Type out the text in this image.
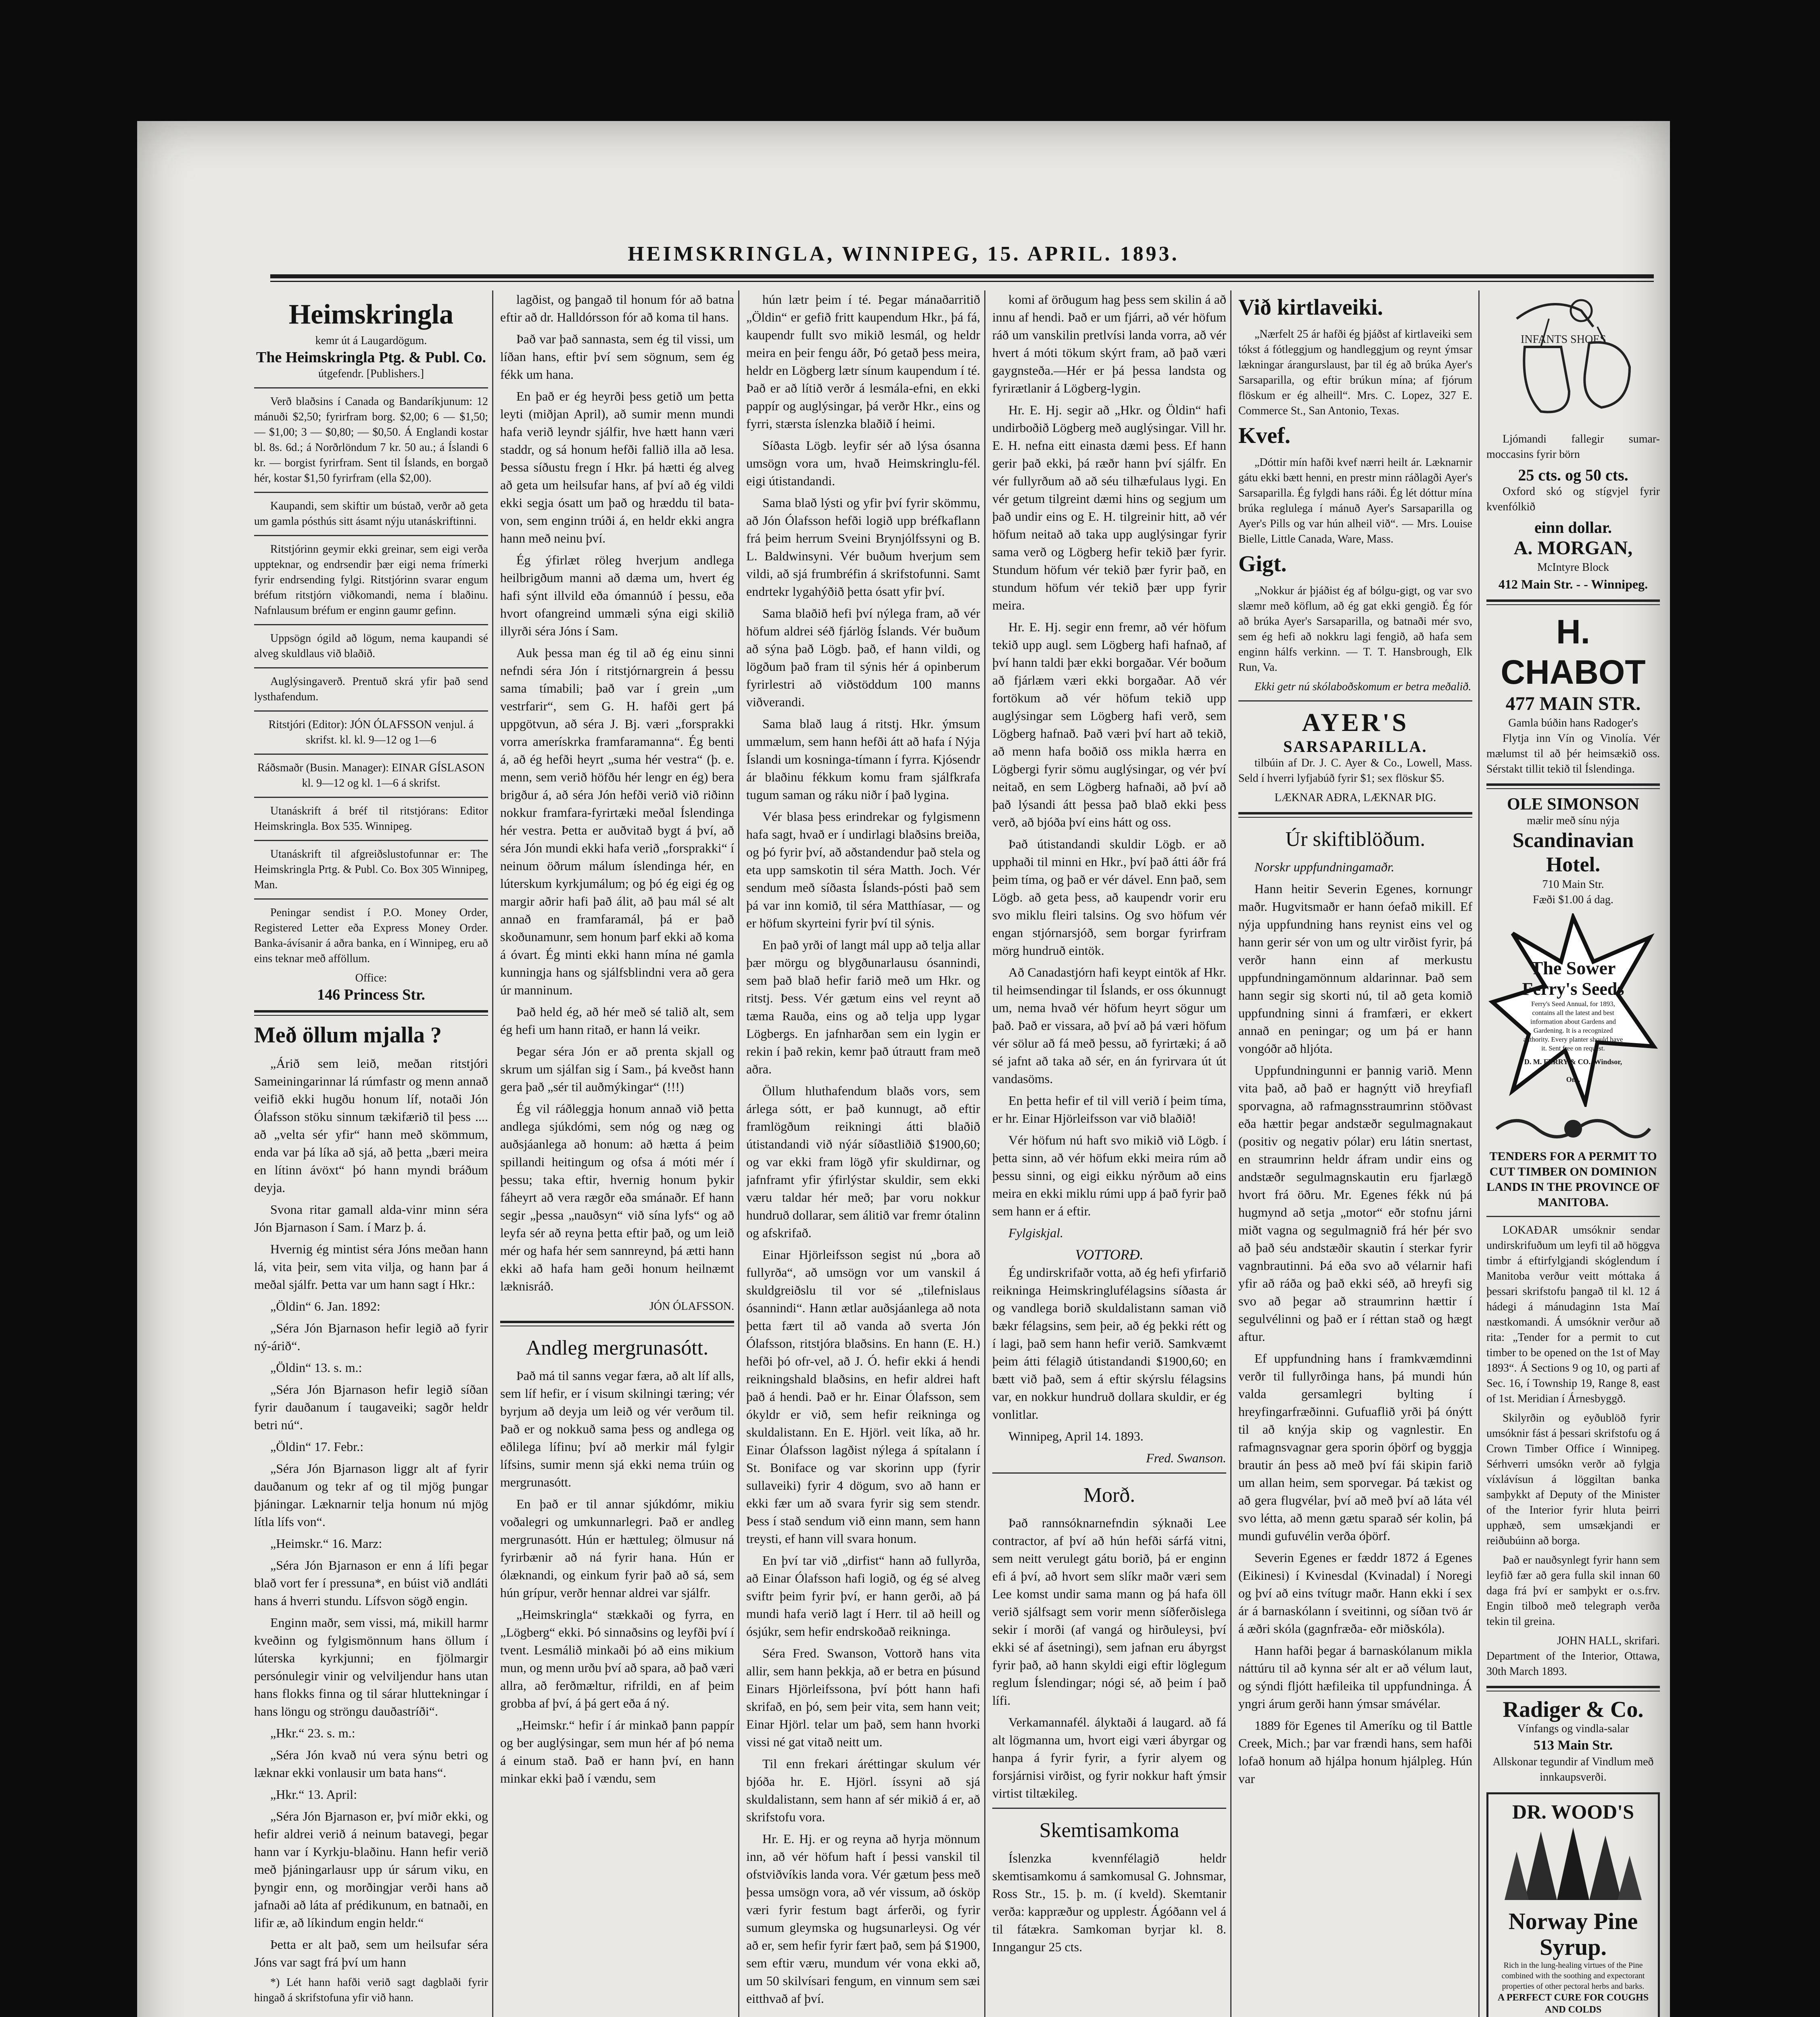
HEIMSKRINGLA, WINNIPEG, 15. APRIL. 1893.
Heimskringla
kemr út á Laugardögum.
The Heimskringla Ptg. & Publ. Co.
útgefendr. [Publishers.]

Verð blaðsins í Canada og Bandaríkjunum: 12 mánuði $2,50; fyrirfram borg. $2,00; 6 — $1,50; — $1,00; 3 — $0,80; — $0,50. Á Englandi kostar bl. 8s. 6d.; á Norðrlöndum 7 kr. 50 au.; á Íslandi 6 kr. — borgist fyrirfram. Sent til Íslands, en borgað hér, kostar $1,50 fyrirfram (ella $2,00).

Kaupandi, sem skiftir um bústað, verðr að geta um gamla pósthús sitt ásamt nýju utanáskriftinni.

Ritstjórinn geymir ekki greinar, sem eigi verða uppteknar, og endrsendir þær eigi nema frímerki fyrir endrsending fylgi. Ritstjórinn svarar engum bréfum ritstjórn viðkomandi, nema í blaðinu. Nafnlausum bréfum er enginn gaumr gefinn.

Uppsögn ógild að lögum, nema kaupandi sé alveg skuldlaus við blaðið.

Auglýsingaverð. Prentuð skrá yfir það send lysthafendum.

Ritstjóri (Editor): JÓN ÓLAFSSON venjul. á skrifst. kl. kl. 9—12 og 1—6

Ráðsmaðr (Busin. Manager): EINAR GÍSLASON kl. 9—12 og kl. 1—6 á skrifst.

Utanáskrift á bréf til ritstjórans: Editor Heimskringla. Box 535. Winnipeg.

Utanáskrift til afgreiðslustofunnar er: The Heimskringla Prtg. & Publ. Co. Box 305 Winnipeg, Man.

Peningar sendist í P.O. Money Order, Registered Letter eða Express Money Order. Banka-ávísanir á aðra banka, en í Winnipeg, eru að eins teknar með afföllum.

Office:
146 Princess Str.
Með öllum mjalla ?

„Árið sem leið, meðan ritstjóri Sameiningarinnar lá rúmfastr og menn annað veifið ekki hugðu honum líf, notaði Jón Ólafsson stöku sinnum tækifærið til þess .... að „velta sér yfir“ hann með skömmum, enda var þá líka að sjá, að þetta „bæri meira en lítinn ávöxt“ þó hann myndi bráðum deyja.

Svona ritar gamall alda-vinr minn séra Jón Bjarnason í Sam. í Marz þ. á.

Hvernig ég mintist séra Jóns meðan hann lá, vita þeir, sem vita vilja, og hann þar á meðal sjálfr. Þetta var um hann sagt í Hkr.:

„Öldin“ 6. Jan. 1892:

„Séra Jón Bjarnason hefir legið að fyrir ný-árið“.

„Öldin“ 13. s. m.:

„Séra Jón Bjarnason hefir legið síðan fyrir dauðanum í taugaveiki; sagðr heldr betri nú“.

„Öldin“ 17. Febr.:

„Séra Jón Bjarnason liggr alt af fyrir dauðanum og tekr af og til mjög þungar þjáningar. Læknarnir telja honum nú mjög lítla lífs von“.

„Heimskr.“ 16. Marz:

„Séra Jón Bjarnason er enn á lífi þegar blað vort fer í pressuna*, en búist við andláti hans á hverri stundu. Lífsvon sögð engin.

Enginn maðr, sem vissi, má, mikill harmr kveðinn og fylgismönnum hans öllum í lúterska kyrkjunni; en fjölmargir persónulegir vinir og velviljendur hans utan hans flokks finna og til sárar hluttekningar í hans löngu og ströngu dauðastríði“.

„Hkr.“ 23. s. m.:

„Séra Jón kvað nú vera sýnu betri og læknar ekki vonlausir um bata hans“.

„Hkr.“ 13. April:

„Séra Jón Bjarnason er, því miðr ekki, og hefir aldrei verið á neinum batavegi, þegar hann var í Kyrkju-blaðinu. Hann hefir verið með þjáningarlausr upp úr sárum viku, en þyngir enn, og morðingjar verði hans að jafnaði að láta af prédikunum, en batnaði, en lifir æ, að líkindum engin heldr.“

Þetta er alt það, sem um heilsufar séra Jóns var sagt frá því um hann

*) Lét hann hafði verið sagt dagblaði fyrir hingað á skrifstofuna yfir við hann.

lagðist, og þangað til honum fór að batna eftir að dr. Halldórsson fór að koma til hans.

Það var það sannasta, sem ég til vissi, um líðan hans, eftir því sem sögnum, sem ég fékk um hana.

En það er ég heyrði þess getið um þetta leyti (miðjan April), að sumir menn mundi hafa verið leyndr sjálfir, hve hætt hann væri staddr, og sá honum hefði fallið illa að lesa. Þessa síðustu fregn í Hkr. þá hætti ég alveg að geta um heilsufar hans, af því að ég vildi ekki segja ósatt um það og hræddu til bata-von, sem enginn trúði á, en heldr ekki angra hann með neinu því.

Ég ýfirlæt röleg hverjum andlega heilbrigðum manni að dæma um, hvert ég hafi sýnt illvild eða ómannúð í þessu, eða hvort ofangreind ummæli sýna eigi skilið illyrði séra Jóns í Sam.

Auk þessa man ég til að ég einu sinni nefndi séra Jón í ritstjórnargrein á þessu sama tímabili; það var í grein „um vestrfarir“, sem G. H. hafði gert þá uppgötvun, að séra J. Bj. væri „forsprakki vorra amerískrka framfaramanna“. Ég benti á, að ég hefði heyrt „suma hér vestra“ (þ. e. menn, sem verið höfðu hér lengr en ég) bera brigður á, að séra Jón hefði verið við riðinn nokkur framfara-fyrirtæki meðal Íslendinga hér vestra. Þetta er auðvitað bygt á því, að séra Jón mundi ekki hafa verið „forsprakki“ í neinum öðrum málum íslendinga hér, en lúterskum kyrkjumálum; og þó ég eigi ég og margir aðrir hafi það álit, að þau mál sé alt annað en framfaramál, þá er það skoðunamunr, sem honum þarf ekki að koma á óvart. Ég minti ekki hann mína né gamla kunningja hans og sjálfsblindni vera að gera úr manninum.

Það held ég, að hér með sé talið alt, sem ég hefi um hann ritað, er hann lá veikr.

Þegar séra Jón er að prenta skjall og skrum um sjálfan sig í Sam., þá kveðst hann gera það „sér til auðmýkingar“ (!!!)

Ég vil ráðleggja honum annað við þetta andlega sjúkdómi, sem nóg og næg og auðsjáanlega að honum: að hætta á þeim spillandi heitingum og ofsa á móti mér í þessu; taka eftir, hvernig honum þykir fáheyrt að vera rægðr eða smánaðr. Ef hann segir „þessa „nauðsyn“ við sína lyfs“ og að leyfa sér að reyna þetta eftir það, og um leið mér og hafa hér sem sannreynd, þá ætti hann ekki að hafa ham geði honum heilnæmt læknisráð.

JÓN ÓLAFSSON.
Andleg mergrunasótt.

Það má til sanns vegar færa, að alt líf alls, sem líf hefir, er í visum skilningi tæring; vér byrjum að deyja um leið og vér verðum til. Það er og nokkuð sama þess og andlega og eðlilega lífinu; því að merkir mál fylgir lífsins, sumir menn sjá ekki nema trúin og mergrunasótt.

En það er til annar sjúkdómr, mikiu voðalegri og umkunnarlegri. Það er andleg mergrunasótt. Hún er hættuleg; ölmusur ná fyrirbænir að ná fyrir hana. Hún er ólæknandi, og einkum fyrir það að sá, sem hún grípur, verðr hennar aldrei var sjálfr.

„Heimskringla“ stækkaði og fyrra, en „Lögberg“ ekki. Þó sinnaðsins og leyfði því í tvent. Lesmálið minkaði þó að eins mikium mun, og menn urðu því að spara, að það væri allra, að ferðmæltur, rifrildi, en af þeim grobba af því, á þá gert eða á ný.

„Heimskr.“ hefir í ár minkað þann pappír og ber auglýsingar, sem mun hér af þó nema á einum stað. Það er hann því, en hann minkar ekki það í vændu, sem

hún lætr þeim í té. Þegar mánaðarritið „Öldin“ er gefið fritt kaupendum Hkr., þá fá, kaupendr fullt svo mikið lesmál, og heldr meira en þeir fengu áðr, Þó getað þess meira, heldr en Lögberg lætr sínum kaupendum í té. Það er að lítið verðr á lesmála-efni, en ekki pappír og auglýsingar, þá verðr Hkr., eins og fyrri, stærsta íslenzka blaðið í heimi.

Síðasta Lögb. leyfir sér að lýsa ósanna umsögn vora um, hvað Heimskringlu-fél. eigi útistandandi.

Sama blað lýsti og yfir því fyrir skömmu, að Jón Ólafsson hefði logið upp bréfkaflann frá þeim herrum Sveini Brynjólfssyni og B. L. Baldwinsyni. Vér buðum hverjum sem vildi, að sjá frumbréfin á skrifstofunni. Samt endrtekr lygahýðið þetta ósatt yfir því.

Sama blaðið hefi því nýlega fram, að vér höfum aldrei séð fjárlög Íslands. Vér buðum að sýna það Lögb. það, ef hann vildi, og lögðum það fram til sýnis hér á opinberum fyrirlestri að viðstöddum 100 manns viðverandi.

Sama blað laug á ritstj. Hkr. ýmsum ummælum, sem hann hefði átt að hafa í Nýja Íslandi um kosninga-tímann í fyrra. Kjósendr ár blaðinu fékkum komu fram sjálfkrafa tugum saman og ráku niðr í það lygina.

Vér blasa þess erindrekar og fylgismenn hafa sagt, hvað er í undirlagi blaðsins breiða, og þó fyrir því, að aðstandendur það stela og eta upp samskotin til séra Matth. Joch. Vér sendum með síðasta Íslands-pósti það sem þá var inn komið, til séra Matthíasar, — og er höfum skyrteini fyrir því til sýnis.

En það yrði of langt mál upp að telja allar þær mörgu og blygðunarlausu ósannindi, sem það blað hefir farið með um Hkr. og ritstj. Þess. Vér gætum eins vel reynt að tæma Rauða, eins og að telja upp lygar Lögbergs. En jafnharðan sem ein lygin er rekin í það rekin, kemr það útrautt fram með aðra.

Öllum hluthafendum blaðs vors, sem árlega sótt, er það kunnugt, að eftir framlögðum reikningi átti blaðið útistandandi við nýár síðastliðið $1900,60; og var ekki fram lögð yfir skuldirnar, og jafnframt yfir ýfirlýstar skuldir, sem ekki væru taldar hér með; þar voru nokkur hundruð dollarar, sem álitið var fremr ótalinn og afskrifað.

Einar Hjörleifsson segist nú „bora að fullyrða“, að umsögn vor um vanskil á skuldgreiðslu til vor sé „tilefnislaus ósannindi“. Hann ætlar auðsjáanlega að nota þetta fært til að vanda að sverta Jón Ólafsson, ritstjóra blaðsins. En hann (E. H.) hefði þó ofr-vel, að J. Ó. hefir ekki á hendi reikningshald blaðsins, en hefir aldrei haft það á hendi. Það er hr. Einar Ólafsson, sem ókyldr er við, sem hefir reikninga og skuldalistann. En E. Hjörl. veit líka, að hr. Einar Ólafsson lagðist nýlega á spítalann í St. Boniface og var skorinn upp (fyrir sullaveiki) fyrir 4 dögum, svo að hann er ekki fær um að svara fyrir sig sem stendr. Þess í stað sendum við einn mann, sem hann treysti, ef hann vill svara honum.

En því tar við „dirfist“ hann að fullyrða, að Einar Ólafsson hafi logið, og ég sé alveg sviftr þeim fyrir því, er hann gerði, að þá mundi hafa verið lagt í Herr. til að heill og ósjúkr, sem hefir endrskoðað reikninga.

Séra Fred. Swanson, Vottorð hans vita allir, sem hann þekkja, að er betra en þúsund Einars Hjörleifssona, því þótt hann hafi skrifað, en þó, sem þeir vita, sem hann veit; Einar Hjörl. telar um það, sem hann hvorki vissi né gat vitað neitt um.

Til enn frekari áréttingar skulum vér bjóða hr. E. Hjörl. íssyni að sjá skuldalistann, sem hann af sér mikið á er, að skrifstofu vora.

Hr. E. Hj. er og reyna að hyrja mönnum inn, að vér höfum haft í þessi vanskil til ofstviðvíkis landa vora. Vér gætum þess með þessa umsögn vora, að vér vissum, að ósköp væri fyrir festum bagt árferði, og fyrir sumum gleymska og hugsunarleysi. Og vér að er, sem hefir fyrir fært það, sem þá $1900, sem eftir væru, mundum vér vona ekki að, um 50 skilvísari fengum, en vinnum sem sæi eitthvað af því.

komi af örðugum hag þess sem skilin á að innu af hendi. Það er um fjárri, að vér höfum ráð um vanskilin pretlvísi landa vorra, að vér hvert á móti tökum skýrt fram, að það væri gaygnsteða.—Hér er þá þessa landsta og fyrirætlanir á Lögberg-lygin.

Hr. E. Hj. segir að „Hkr. og Öldin“ hafi undirboðið Lögberg með auglýsingar. Vill hr. E. H. nefna eitt einasta dæmi þess. Ef hann gerir það ekki, þá ræðr hann því sjálfr. En vér fullyrðum að að séu tilhæfulaus lygi. En vér getum tilgreint dæmi hins og segjum um það undir eins og E. H. tilgreinir hitt, að vér höfum neitað að taka upp auglýsingar fyrir sama verð og Lögberg hefir tekið þær fyrir. Stundum höfum vér tekið þær fyrir það, en stundum höfum vér tekið þær upp fyrir meira.

Hr. E. Hj. segir enn fremr, að vér höfum tekið upp augl. sem Lögberg hafi hafnað, af því hann taldi þær ekki borgaðar. Vér boðum að fjárlæm væri ekki borgaðar. Að vér fortökum að vér höfum tekið upp auglýsingar sem Lögberg hafi verð, sem Lögberg hafnað. Það væri því hart að tekið, að menn hafa boðið oss mikla hærra en Lögbergi fyrir sömu auglýsingar, og vér því neitað, en sem Lögberg hafnaði, að því að það lýsandi átt þessa það blað ekki þess verð, að bjóða því eins hátt og oss.

Það útistandandi skuldir Lögb. er að upphaði til minni en Hkr., því það átti áðr frá þeim tíma, og það er vér dável. Enn það, sem Lögb. að geta þess, að kaupendr vorir eru svo miklu fleiri talsins. Og svo höfum vér engan stjórnarsjóð, sem borgar fyrirfram mörg hundruð eintök.

Að Canadastjórn hafi keypt eintök af Hkr. til heimsendingar til Íslands, er oss ókunnugt um, nema hvað vér höfum heyrt sögur um það. Það er vissara, að því að þá væri höfum vér sölur að fá með þessu, að fyrirtæki; á að sé jafnt að taka að sér, en án fyrirvara út út vandasöms.

En þetta hefir ef til vill verið í þeim tíma, er hr. Einar Hjörleifsson var við blaðið!

Vér höfum nú haft svo mikið við Lögb. í þetta sinn, að vér höfum ekki meira rúm að þessu sinni, og eigi eikku nýrðum að eins meira en ekki miklu rúmi upp á það fyrir það sem hann er á eftir.

Fylgiskjal.

VOTTORÐ.

Ég undirskrifaðr votta, að ég hefi yfirfarið reikninga Heimskringlufélagsins síðasta ár og vandlega borið skuldalistann saman við bækr félagsins, sem þeir, að ég þekki rétt og í lagi, það sem hann hefir verið. Samkvæmt þeim átti félagið útistandandi $1900,60; en bætt við það, sem á eftir skýrslu félagsins var, en nokkur hundruð dollara skuldir, er ég vonlitlar.

Winnipeg, April 14. 1893.

Fred. Swanson.
Morð.

Það rannsóknarnefndin sýknaði Lee contractor, af því að hún hefði sárfá vitni, sem neitt verulegt gátu borið, þá er enginn efi á því, að hvort sem slíkr maðr væri sem Lee komst undir sama mann og þá hafa öll verið sjálfsagt sem vorir menn síðferðislega sekir í morði (af vangá og hirðuleysi, því ekki sé af ásetningi), sem jafnan eru ábyrgst fyrir það, að hann skyldi eigi eftir löglegum reglum Íslendingar; nógi sé, að þeim í það lífi.

Verkamannafél. ályktaði á laugard. að fá alt lögmanna um, hvort eigi væri ábyrgar og hanpa á fyrir fyrir, a fyrir alyem og forsjárnisi virðist, og fyrir nokkur haft ýmsir virtist tiltækileg.

Skemtisamkoma

Íslenzka kvennfélagið heldr skemtisamkomu á samkomusal G. Johnsmar, Ross Str., 15. þ. m. (í kveld). Skemtanir verða: kappræður og upplestr. Ágóðann vel á til fátækra. Samkoman byrjar kl. 8. Inngangur 25 cts.

Við kirtlaveiki.

„Nærfelt 25 ár hafði ég þjáðst af kirtlaveiki sem tókst á fótleggjum og handleggjum og reynt ýmsar lækningar árangurslaust, þar til ég að brúka Ayer's Sarsaparilla, og eftir brúkun mína; af fjórum flöskum er ég alheill“. Mrs. C. Lopez, 327 E. Commerce St., San Antonio, Texas.

Kvef.

„Dóttir mín hafði kvef nærri heilt ár. Læknarnir gátu ekki bætt henni, en prestr minn ráðlagði Ayer's Sarsaparilla. Ég fylgdi hans ráði. Ég lét dóttur mína brúka reglulega í mánuð Ayer's Sarsaparilla og Ayer's Pills og var hún alheil við“. — Mrs. Louise Bielle, Little Canada, Ware, Mass.

Gigt.

„Nokkur ár þjáðist ég af bólgu-gigt, og var svo slæmr með köflum, að ég gat ekki gengið. Ég fór að brúka Ayer's Sarsaparilla, og batnaði mér svo, sem ég hefi að nokkru lagi fengið, að hafa sem enginn hálfs verkinn. — T. T. Hansbrough, Elk Run, Va.

Ekki getr nú skólaboðskomum er betra meðalið.

AYER'S
SARSAPARILLA.

tilbúin af Dr. J. C. Ayer & Co., Lowell, Mass. Seld í hverri lyfjabúð fyrir $1; sex flöskur $5.

LÆKNAR AÐRA, LÆKNAR ÞIG.
Úr skiftiblöðum.

Norskr uppfundningamaðr.

Hann heitir Severin Egenes, kornungr maðr. Hugvitsmaðr er hann óefað mikill. Ef nýja uppfundning hans reynist eins vel og hann gerir sér von um og ultr virðist fyrir, þá verðr hann einn af merkustu uppfundningamönnum aldarinnar. Það sem hann segir sig skorti nú, til að geta komið uppfundning sinni á framfæri, er ekkert annað en peningar; og um þá er hann vongóðr að hljóta.

Uppfundningunni er þannig varið. Menn vita það, að það er hagnýtt við hreyfiafl sporvagna, að rafmagnsstraumrinn stöðvast eða hættir þegar andstæðr segulmagnakaut (positiv og negativ pólar) eru látin snertast, en straumrinn heldr áfram undir eins og andstæðr segulmagnskautin eru fjarlægð hvort frá öðru. Mr. Egenes fékk nú þá hugmynd að setja „motor“ eðr stofnu járni miðt vagna og segulmagnið frá hér þér svo að það séu andstæðir skautin í sterkar fyrir vagnbrautinni. Þá eða svo að vélarnir hafi yfir að ráða og það ekki séð, að hreyfi sig svo að þegar að straumrinn hættir í segulvélinni og það er í réttan stað og hægt aftur.

Ef uppfundning hans í framkvæmdinni verðr til fullyrðinga hans, þá mundi hún valda gersamlegri bylting í hreyfingarfræðinni. Gufuaflið yrði þá ónýtt til að knýja skip og vagnlestir. En rafmagnsvagnar gera sporin óþörf og byggja brautir án þess að með því fái skipin farið um allan heim, sem sporvegar. Þá tækist og að gera flugvélar, því að með því að láta vél svo létta, að menn gætu sparað sér kolin, þá mundi gufuvélin verða óþörf.

Severin Egenes er fæddr 1872 á Egenes (Eikinesi) í Kvinesdal (Kvinadal) í Noregi og því að eins tvítugr maðr. Hann ekki í sex ár á barnaskólann í sveitinni, og síðan tvö ár á æðri skóla (gagnfræða- eðr miðskóla).

Hann hafði þegar á barnaskólanum mikla náttúru til að kynna sér alt er að vélum laut, og sýndi fljótt hæfileika til uppfundninga. Á yngri árum gerði hann ýmsar smávélar.

1889 för Egenes til Ameríku og til Battle Creek, Mich.; þar var frændi hans, sem hafði lofað honum að hjálpa honum hjálpleg. Hún var

INFANTS SHOES

Ljómandi fallegir sumar-moccasins fyrir börn

25 cts. og 50 cts.

Oxford skó og stígvjel fyrir kvenfólkið

einn dollar.
A. MORGAN,
McIntyre Block
412 Main Str. - - Winnipeg.
H. CHABOT
477 MAIN STR.
Gamla búðin hans Radoger's

Flytja inn Vín og Vinolía. Vér mælumst til að þér heimsækið oss. Sérstakt tillit tekið til Íslendinga.

OLE SIMONSON
mælir með sínu nýja
Scandinavian Hotel.
710 Main Str.
Fæði $1.00 á dag.
The Sower
Ferry's Seeds
Ferry's Seed Annual, for 1893, contains all the latest and best information about Gardens and Gardening. It is a recognized authority. Every planter should have it. Sent free on request.
D. M. FERRY & CO., Windsor, Ont.
TENDERS FOR A PERMIT TO CUT TIMBER ON DOMINION LANDS IN THE PROVINCE OF MANITOBA.

LOKAÐAR umsóknir sendar undirskrifuðum um leyfi til að höggva timbr á eftirfylgjandi skóglendum í Manitoba verður veitt móttaka á þessari skrifstofu þangað til kl. 12 á hádegi á mánudaginn 1sta Maí næstkomandi. Á umsóknir verður að rita: „Tender for a permit to cut timber to be opened on the 1st of May 1893“. Á Sections 9 og 10, og parti af Sec. 16, í Township 19, Range 8, east of 1st. Meridian í Árnesbyggð.

Skilyrðin og eyðublöð fyrir umsóknir fást á þessari skrifstofu og á Crown Timber Office í Winnipeg. Sérhverri umsókn verðr að fylgja víxlávísun á löggiltan banka samþykkt af Deputy of the Minister of the Interior fyrir hluta þeirri upphæð, sem umsækjandi er reiðubúinn að borga.

Það er nauðsynlegt fyrir hann sem leyfið fær að gera fulla skil innan 60 daga frá því er samþykt er o.s.frv. Engin tilboð með telegraph verða tekin til greina.

JOHN HALL, skrifari.
Department of the Interior, Ottawa, 30th March 1893.
Radiger & Co.
Vínfangs og vindla-salar
513 Main Str.
Allskonar tegundir af Vindlum með innkaupsverði.
DR. WOOD'S
Norway Pine
Syrup.
Rich in the lung-healing virtues of the Pine combined with the soothing and expectorant properties of other pectoral herbs and barks.
A PERFECT CURE FOR COUGHS AND COLDS
